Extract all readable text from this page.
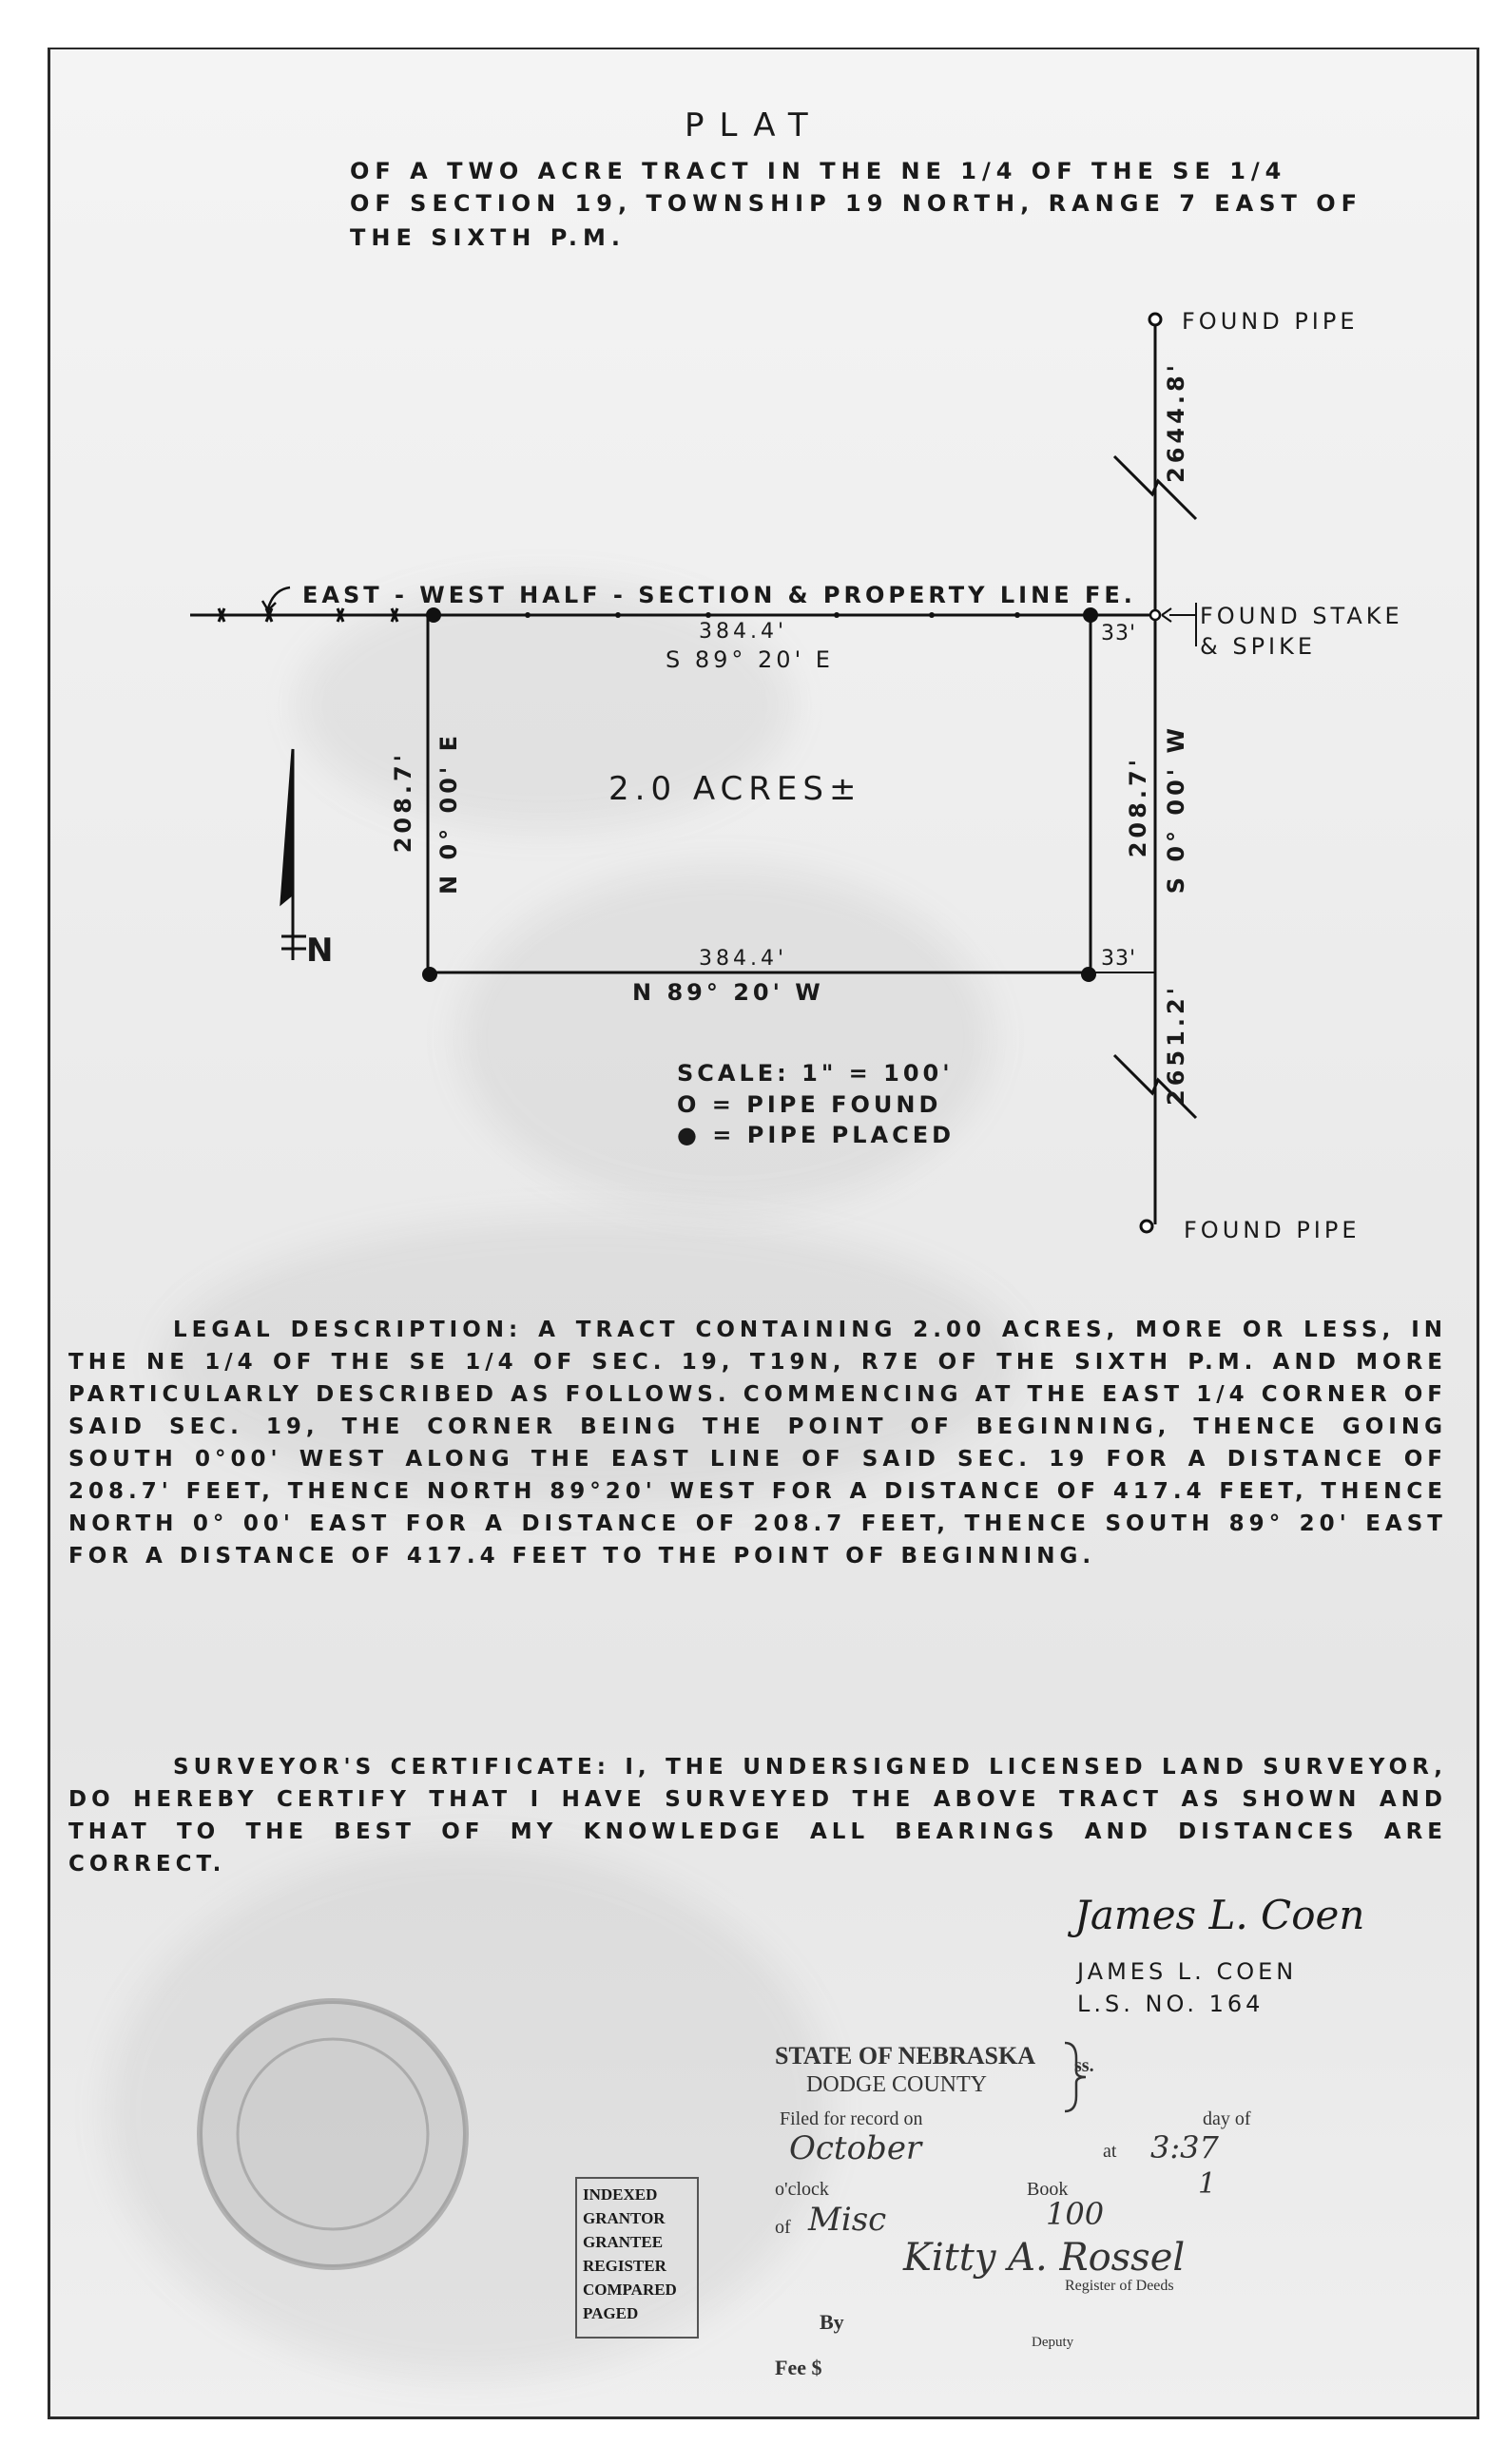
PLAT
OF A TWO ACRE TRACT IN THE NE 1/4 OF THE SE 1/4
OF SECTION 19, TOWNSHIP 19 NORTH, RANGE 7 EAST OF
THE SIXTH P.M.
FOUND PIPE
2644.8'
EAST - WEST HALF - SECTION & PROPERTY LINE FE.
FOUND STAKE
& SPIKE
384.4'
S 89° 20' E
33'
2.0 ACRES±
208.7' N 0° 00' E	208.7' S 0° 00' W
N	384.4'	33'
N 89° 20' W	2651.2'
SCALE: 1" = 100'
O = PIPE FOUND
● = PIPE PLACED
FOUND PIPE

LEGAL DESCRIPTION: A TRACT CONTAINING 2.00 ACRES, MORE OR LESS, IN THE NE 1/4 OF THE SE 1/4 OF SEC. 19, T19N, R7E OF THE SIXTH P.M. AND MORE PARTICULARLY DESCRIBED AS FOLLOWS. COMMENCING AT THE EAST 1/4 CORNER OF SAID SEC. 19, THE CORNER BEING THE POINT OF BEGINNING, THENCE GOING SOUTH 0°00' WEST ALONG THE EAST LINE OF SAID SEC. 19 FOR A DISTANCE OF 208.7' FEET, THENCE NORTH 89°20' WEST FOR A DISTANCE OF 417.4 FEET, THENCE NORTH 0° 00' EAST FOR A DISTANCE OF 208.7 FEET, THENCE SOUTH 89° 20' EAST FOR A DISTANCE OF 417.4 FEET TO THE POINT OF BEGINNING.

SURVEYOR'S CERTIFICATE: I, THE UNDERSIGNED LICENSED LAND SURVEYOR, DO HEREBY CERTIFY THAT I HAVE SURVEYED THE ABOVE TRACT AS SHOWN AND THAT TO THE BEST OF MY KNOWLEDGE ALL BEARINGS AND DISTANCES ARE CORRECT.

James L. Coen
JAMES L. COEN
L.S. NO. 164
STATE OF NEBRASKA
DODGE COUNTY
ss.
Filed for record on	day of
October	at 3:37
o'clock	Book	1
of Misc	100
Kitty A. Rossel
Register of Deeds
By
Deputy
Fee $
INDEXED
GRANTOR
GRANTEE
REGISTER
COMPARED
PAGED
